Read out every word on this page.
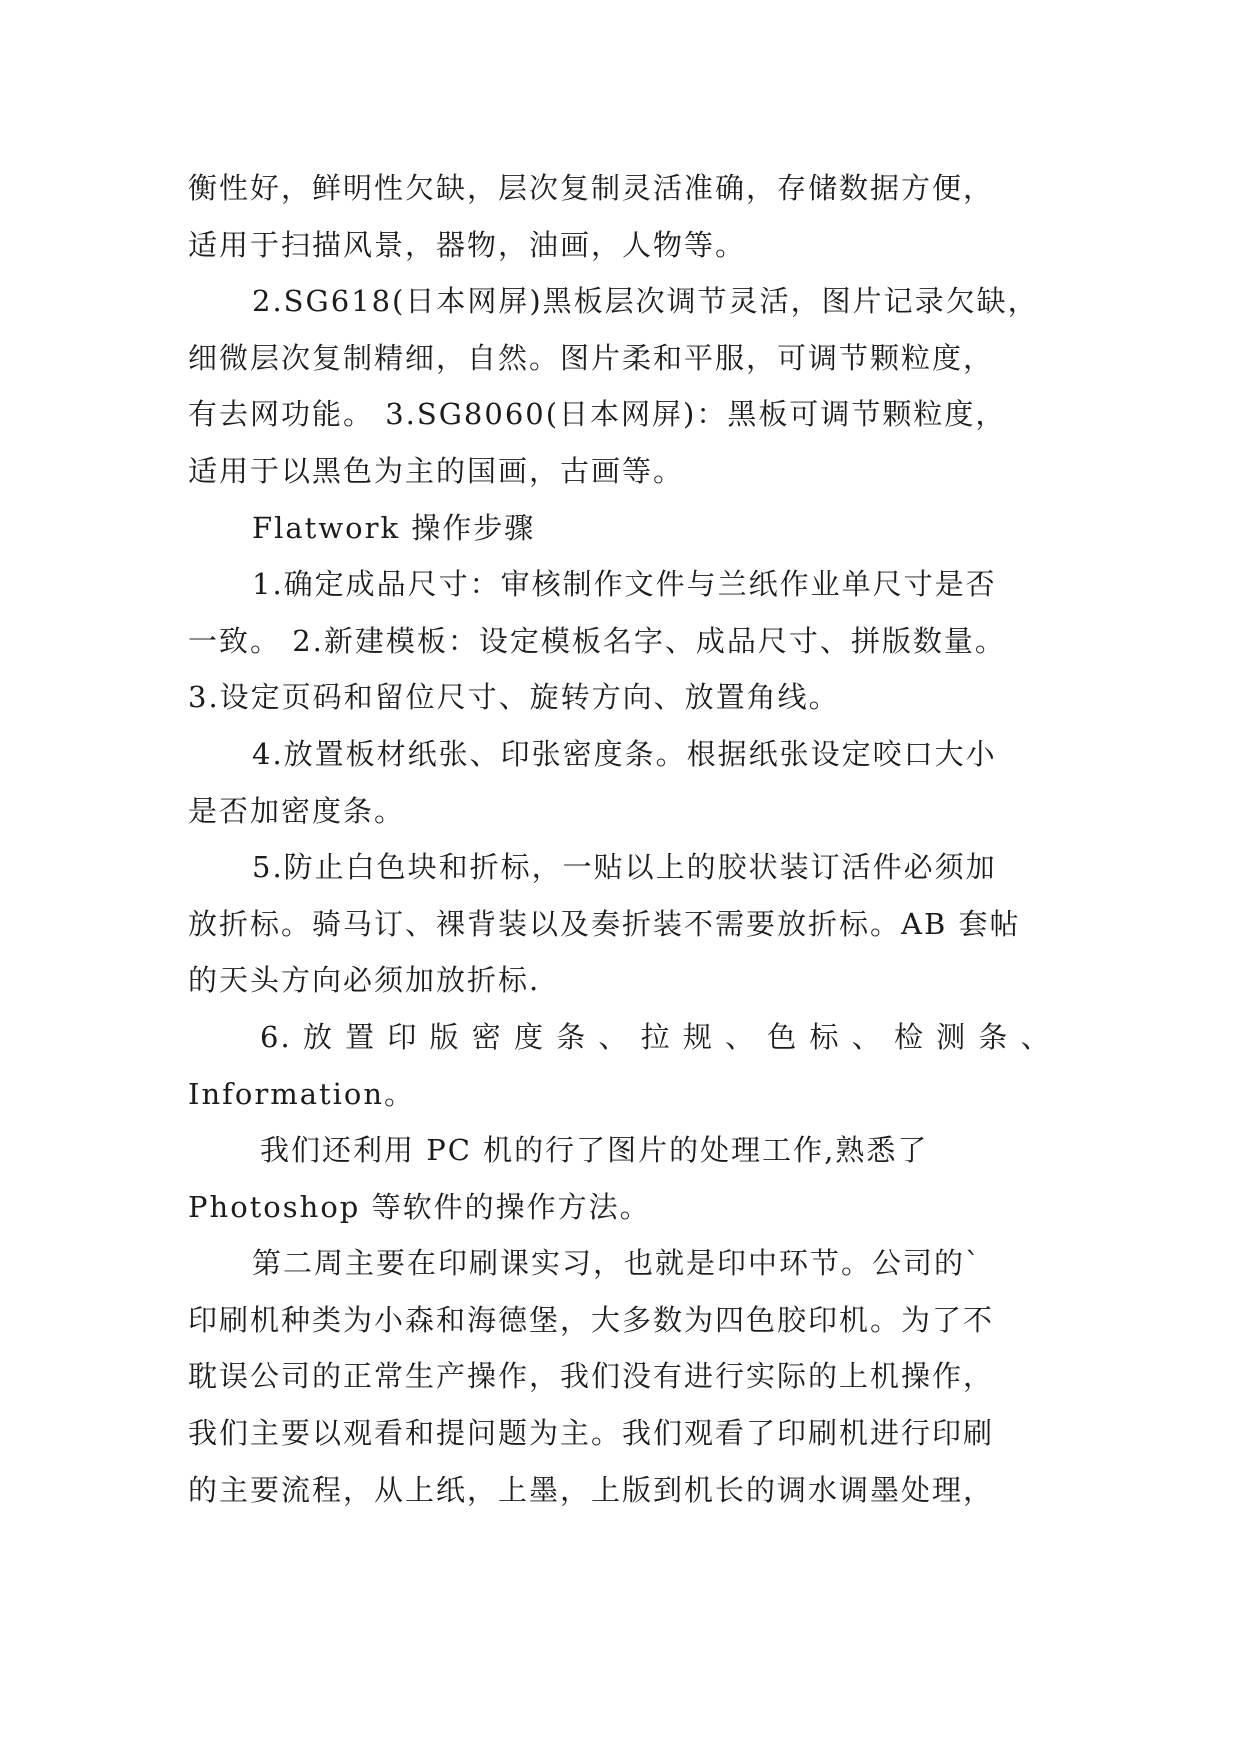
衡性好，鲜明性欠缺，层次复制灵活准确，存储数据方便，
适用于扫描风景，器物，油画，人物等。
2.SG618(日本网屏)黑板层次调节灵活，图片记录欠缺，
细微层次复制精细，自然。图片柔和平服，可调节颗粒度，
有去网功能。 3.SG8060(日本网屏)：黑板可调节颗粒度，
适用于以黑色为主的国画，古画等。
Flatwork 操作步骤
1.确定成品尺寸：审核制作文件与兰纸作业单尺寸是否
一致。 2.新建模板：设定模板名字、成品尺寸、拼版数量。
3.设定页码和留位尺寸、旋转方向、放置角线。
4.放置板材纸张、印张密度条。根据纸张设定咬口大小
是否加密度条。
5.防止白色块和折标，一贴以上的胶状装订活件必须加
放折标。骑马订、裸背装以及奏折装不需要放折标。AB 套帖
的天头方向必须加放折标.
6. 放 置 印 版 密 度 条 、 拉 规 、 色 标 、 检 测 条 、
Information。
我们还利用 PC 机的行了图片的处理工作,熟悉了
Photoshop 等软件的操作方法。
第二周主要在印刷课实习，也就是印中环节。公司的`
印刷机种类为小森和海德堡，大多数为四色胶印机。为了不
耽误公司的正常生产操作，我们没有进行实际的上机操作，
我们主要以观看和提问题为主。我们观看了印刷机进行印刷
的主要流程，从上纸，上墨，上版到机长的调水调墨处理，
